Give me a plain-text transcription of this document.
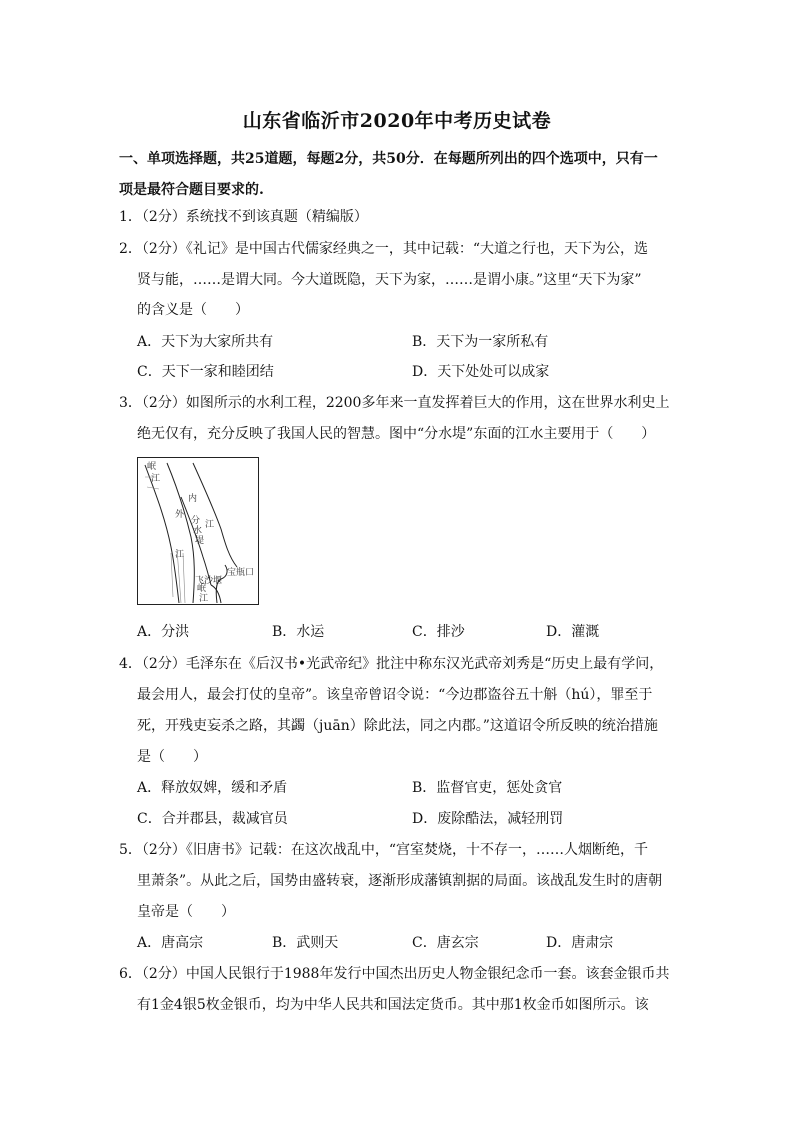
山东省临沂市2020年中考历史试卷
一、单项选择题，共25道题，每题2分，共50分．在每题所列出的四个选项中，只有一
项是最符合题目要求的.
1．（2分）系统找不到该真题（精编版）
2．（2分）《礼记》是中国古代儒家经典之一，其中记载：“大道之行也，天下为公，选
贤与能，……是谓大同。今大道既隐，天下为家，……是谓小康。”这里“天下为家”
的含义是（　　）
A．天下为大家所共有	B．天下为一家所私有
C．天下一家和睦团结	D．天下处处可以成家
3．（2分）如图所示的水利工程，2200多年来一直发挥着巨大的作用，这在世界水利史上
绝无仅有，充分反映了我国人民的智慧。图中“分水堤”东面的江水主要用于（　　）
岷
江
内
江
外
分
水
堤
江
宝瓶口
飞沙堰
岷
江
A．分洪	B．水运	C．排沙	D．灌溉
4．（2分）毛泽东在《后汉书•光武帝纪》批注中称东汉光武帝刘秀是“历史上最有学问，
最会用人，最会打仗的皇帝”。该皇帝曾诏令说：“今边郡盗谷五十斛（hú），罪至于
死，开残吏妄杀之路，其蠲（juān）除此法，同之内郡。”这道诏令所反映的统治措施
是（　　）
A．释放奴婢，缓和矛盾	B．监督官吏，惩处贪官
C．合并郡县，裁减官员	D．废除酷法，减轻刑罚
5．（2分）《旧唐书》记载：在这次战乱中，“宫室焚烧，十不存一，……人烟断绝，千
里萧条”。从此之后，国势由盛转衰，逐渐形成藩镇割据的局面。该战乱发生时的唐朝
皇帝是（　　）
A．唐高宗	B．武则天	C．唐玄宗	D．唐肃宗
6．（2分）中国人民银行于1988年发行中国杰出历史人物金银纪念币一套。该套金银币共
有1金4银5枚金银币，均为中华人民共和国法定货币。其中那1枚金币如图所示。该
